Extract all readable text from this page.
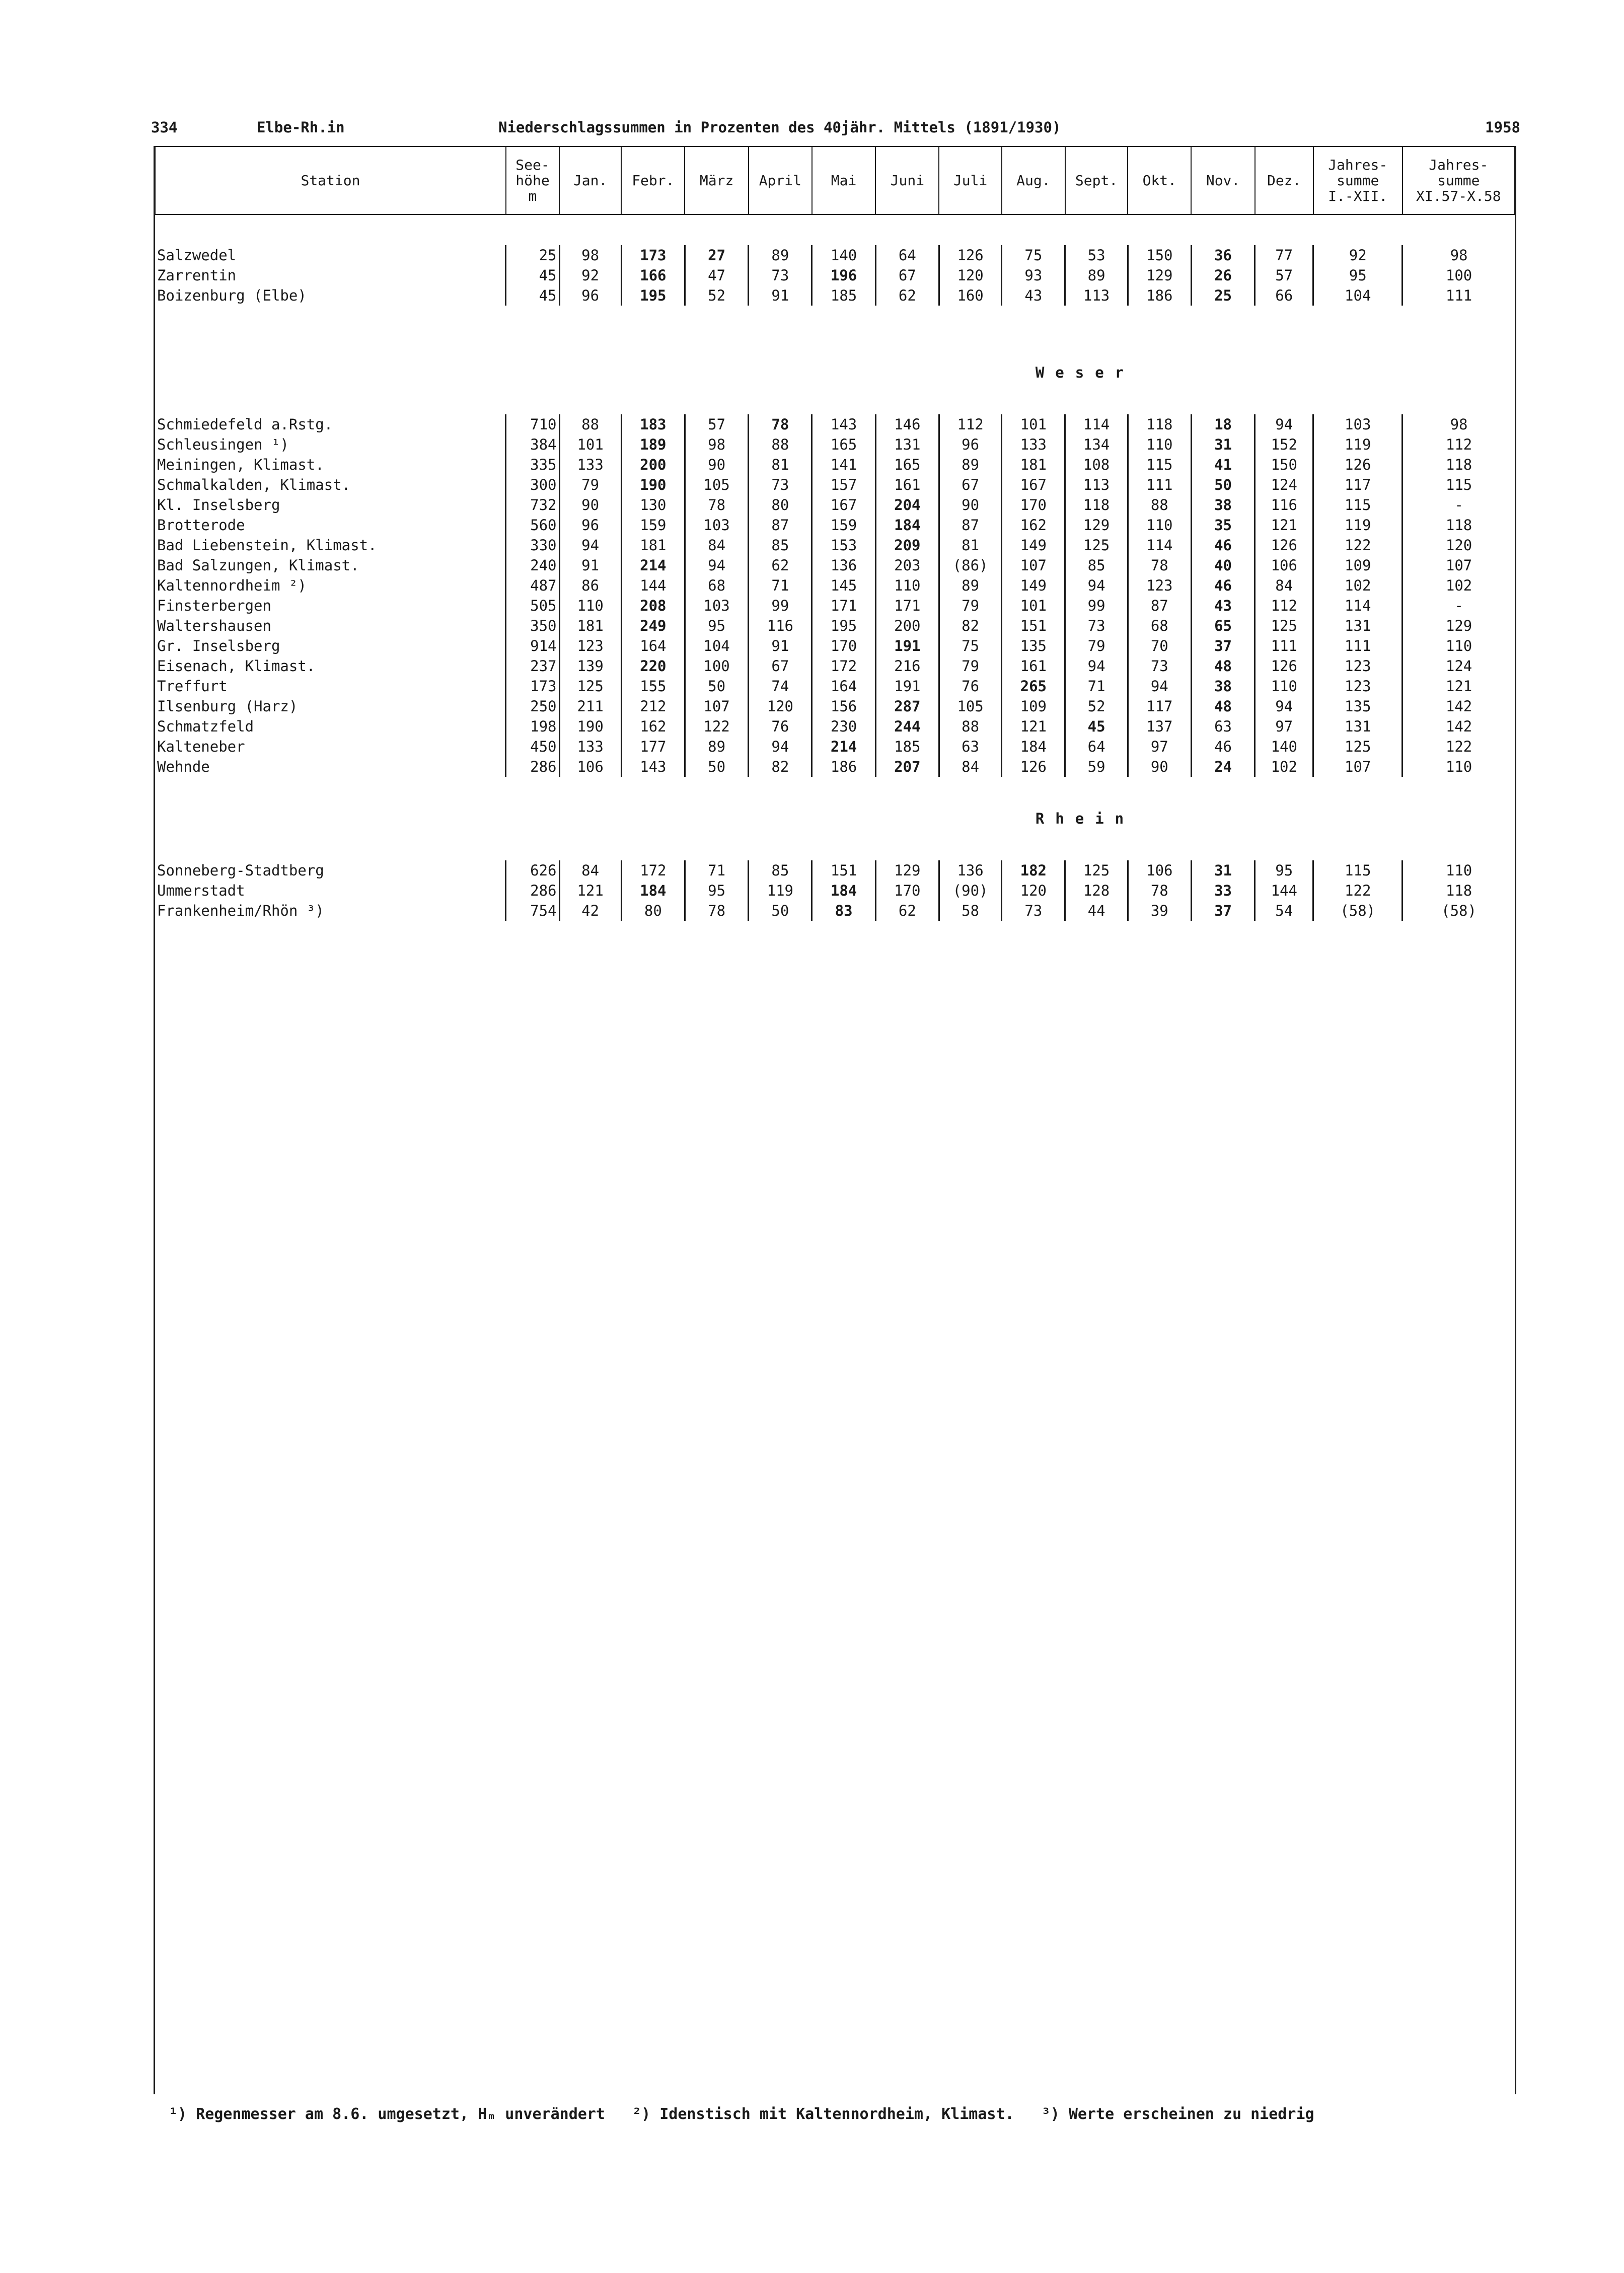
334	Elbe-Rh.in	Niederschlagssummen in Prozenten des 40jähr. Mittels (1891/1930)	1958
Station	See-
höhe
m	Jan.	Febr.	März	April	Mai	Juni	Juli	Aug.	Sept.	Okt.	Nov.	Dez.	Jahres-
summe
I.-XII.	Jahres-
summe
XI.57-X.58

Salzwedel	25	98	173	27	89	140	64	126	75	53	150	36	77	92	98
Zarrentin	45	92	166	47	73	196	67	120	93	89	129	26	57	95	100
Boizenburg (Elbe)	45	96	195	52	91	185	62	160	43	113	186	25	66	104	111

Weser															

Schmiedefeld a.Rstg.	710	88	183	57	78	143	146	112	101	114	118	18	94	103	98
Schleusingen ¹)	384	101	189	98	88	165	131	96	133	134	110	31	152	119	112
Meiningen, Klimast.	335	133	200	90	81	141	165	89	181	108	115	41	150	126	118
Schmalkalden, Klimast.	300	79	190	105	73	157	161	67	167	113	111	50	124	117	115
Kl. Inselsberg	732	90	130	78	80	167	204	90	170	118	88	38	116	115	-
Brotterode	560	96	159	103	87	159	184	87	162	129	110	35	121	119	118
Bad Liebenstein, Klimast.	330	94	181	84	85	153	209	81	149	125	114	46	126	122	120
Bad Salzungen, Klimast.	240	91	214	94	62	136	203	(86)	107	85	78	40	106	109	107
Kaltennordheim ²)	487	86	144	68	71	145	110	89	149	94	123	46	84	102	102
Finsterbergen	505	110	208	103	99	171	171	79	101	99	87	43	112	114	-
Waltershausen	350	181	249	95	116	195	200	82	151	73	68	65	125	131	129
Gr. Inselsberg	914	123	164	104	91	170	191	75	135	79	70	37	111	111	110
Eisenach, Klimast.	237	139	220	100	67	172	216	79	161	94	73	48	126	123	124
Treffurt	173	125	155	50	74	164	191	76	265	71	94	38	110	123	121
Ilsenburg (Harz)	250	211	212	107	120	156	287	105	109	52	117	48	94	135	142
Schmatzfeld	198	190	162	122	76	230	244	88	121	45	137	63	97	131	142
Kalteneber	450	133	177	89	94	214	185	63	184	64	97	46	140	125	122
Wehnde	286	106	143	50	82	186	207	84	126	59	90	24	102	107	110

Rhein															

Sonneberg-Stadtberg	626	84	172	71	85	151	129	136	182	125	106	31	95	115	110
Ummerstadt	286	121	184	95	119	184	170	(90)	120	128	78	33	144	122	118
Frankenheim/Rhön ³)	754	42	80	78	50	83	62	58	73	44	39	37	54	(58)	(58)
¹) Regenmesser am 8.6. umgesetzt, Hₘ unverändert ²) Idenstisch mit Kaltennordheim, Klimast. ³) Werte erscheinen zu niedrig
